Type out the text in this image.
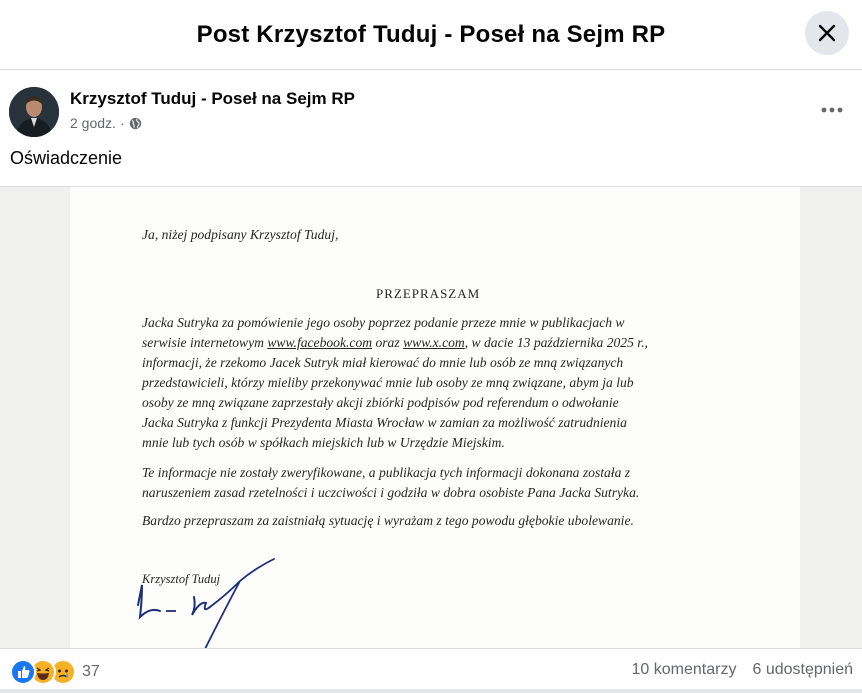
Post Krzysztof Tuduj - Poseł na Sejm RP
Krzysztof Tuduj - Poseł na Sejm RP
2 godz. ·
Oświadczenie
Ja, niżej podpisany Krzysztof Tuduj,
PRZEPRASZAM
Jacka Sutryka za pomówienie jego osoby poprzez podanie przeze mnie w publikacjach w
serwisie internetowym www.facebook.com oraz www.x.com, w dacie 13 października 2025 r.,
informacji, że rzekomo Jacek Sutryk miał kierować do mnie lub osób ze mną związanych
przedstawicieli, którzy mieliby przekonywać mnie lub osoby ze mną związane, abym ja lub
osoby ze mną związane zaprzestały akcji zbiórki podpisów pod referendum o odwołanie
Jacka Sutryka z funkcji Prezydenta Miasta Wrocław w zamian za możliwość zatrudnienia
mnie lub tych osób w spółkach miejskich lub w Urzędzie Miejskim.
Te informacje nie zostały zweryfikowane, a publikacja tych informacji dokonana została z
naruszeniem zasad rzetelności i uczciwości i godziła w dobra osobiste Pana Jacka Sutryka.
Bardzo przepraszam za zaistniałą sytuację i wyrażam z tego powodu głębokie ubolewanie.
Krzysztof Tuduj
37	10 komentarzy 6 udostępnień
